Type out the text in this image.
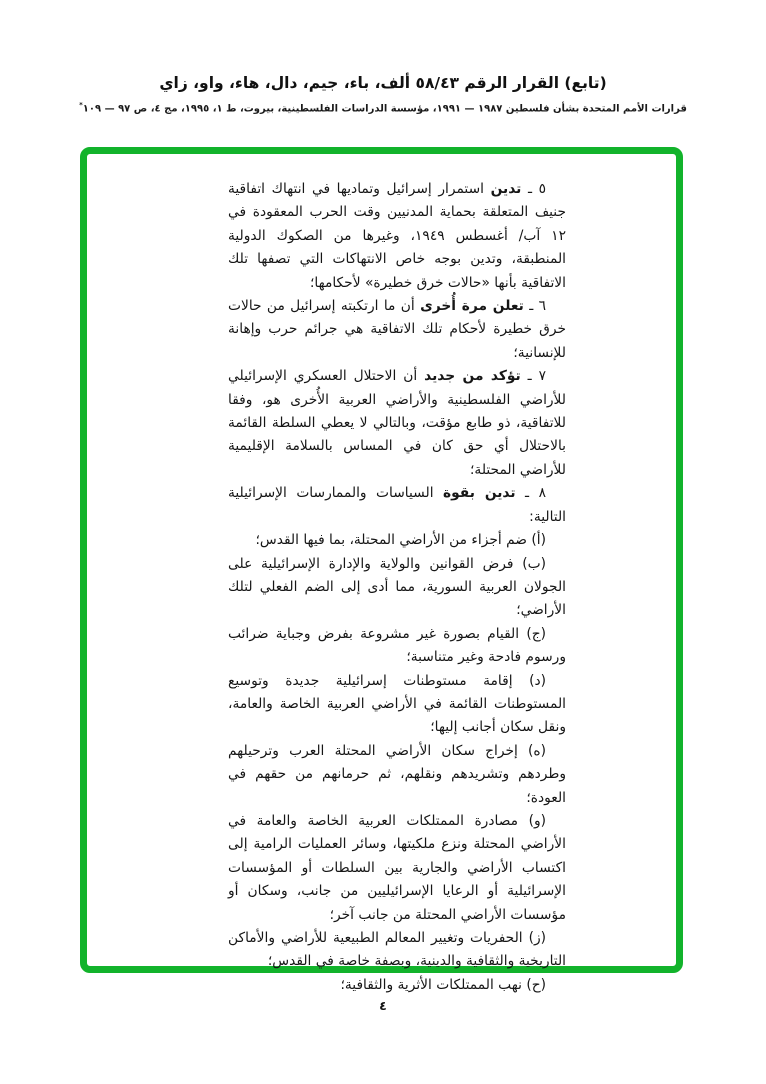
(تابع) القرار الرقم ٥٨/٤٣ ألف، باء، جيم، دال، هاء، واو، زاي
قرارات الأمم المتحدة بشأن فلسطين ١٩٨٧ — ١٩٩١، مؤسسة الدراسات الفلسطينية، بيروت، ط ١، ١٩٩٥، مج ٤، ص ٩٧ — ١٠٩*

٥ ـ تدين استمرار إسرائيل وتماديها في انتهاك اتفاقية جنيف المتعلقة بحماية المدنيين وقت الحرب المعقودة في ١٢ آب/ أغسطس ١٩٤٩، وغيرها من الصكوك الدولية المنطبقة، وتدين بوجه خاص الانتهاكات التي تصفها تلك الاتفاقية بأنها «حالات خرق خطيرة» لأحكامها؛

٦ ـ تعلن مرة أُخرى أن ما ارتكبته إسرائيل من حالات خرق خطيرة لأحكام تلك الاتفاقية هي جرائم حرب وإهانة للإنسانية؛

٧ ـ تؤكد من جديد أن الاحتلال العسكري الإسرائيلي للأراضي الفلسطينية والأراضي العربية الأُخرى هو، وفقا للاتفاقية، ذو طابع مؤقت، وبالتالي لا يعطي السلطة القائمة بالاحتلال أي حق كان في المساس بالسلامة الإقليمية للأراضي المحتلة؛

٨ ـ تدين بقوة السياسات والممارسات الإسرائيلية التالية:

(أ) ضم أجزاء من الأراضي المحتلة، بما فيها القدس؛

(ب) فرض القوانين والولاية والإدارة الإسرائيلية على الجولان العربية السورية، مما أدى إلى الضم الفعلي لتلك الأراضي؛

(ج) القيام بصورة غير مشروعة بفرض وجباية ضرائب ورسوم فادحة وغير متناسبة؛

(د) إقامة مستوطنات إسرائيلية جديدة وتوسيع المستوطنات القائمة في الأراضي العربية الخاصة والعامة، ونقل سكان أجانب إليها؛

(ه) إخراج سكان الأراضي المحتلة العرب وترحيلهم وطردهم وتشريدهم ونقلهم، ثم حرمانهم من حقهم في العودة؛

(و) مصادرة الممتلكات العربية الخاصة والعامة في الأراضي المحتلة ونزع ملكيتها، وسائر العمليات الرامية إلى اكتساب الأراضي والجارية بين السلطات أو المؤسسات الإسرائيلية أو الرعايا الإسرائيليين من جانب، وسكان أو مؤسسات الأراضي المحتلة من جانب آخر؛

(ز) الحفريات وتغيير المعالم الطبيعية للأراضي والأماكن التاريخية والثقافية والدينية، وبصفة خاصة في القدس؛

(ح) نهب الممتلكات الأثرية والثقافية؛

٤
